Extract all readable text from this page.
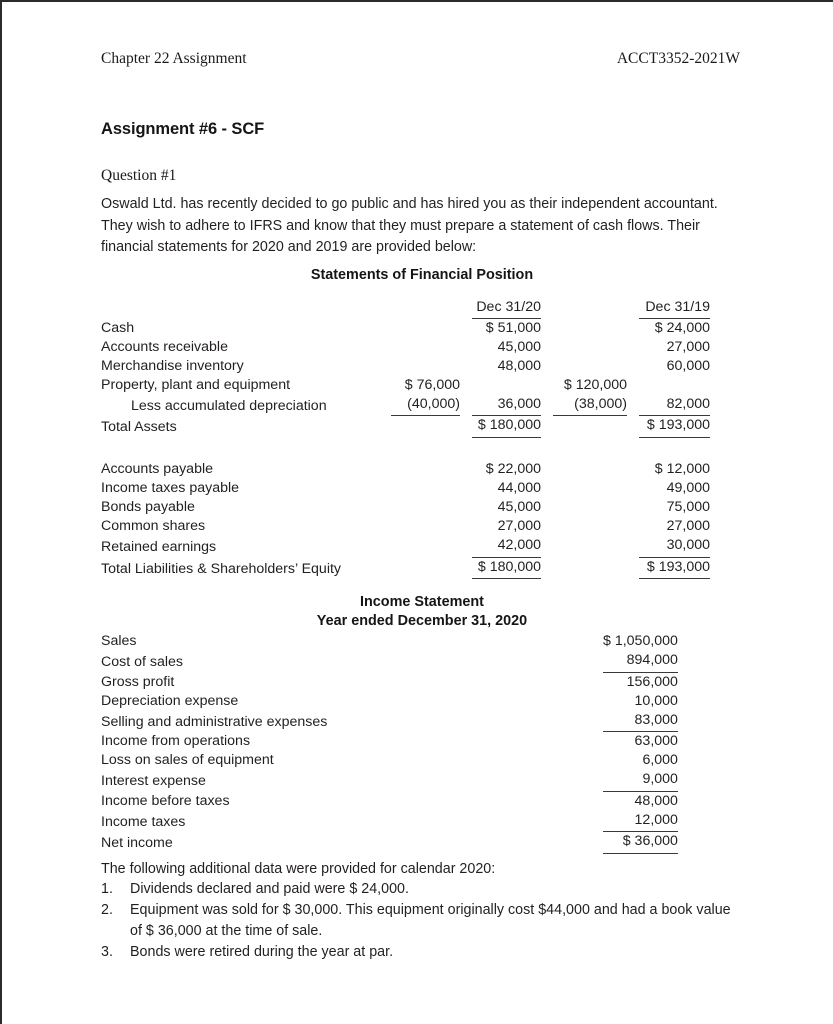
Chapter 22 Assignment	ACCT3352-2021W
Assignment #6 - SCF
Question #1
Oswald Ltd. has recently decided to go public and has hired you as their independent accountant. They wish to adhere to IFRS and know that they must prepare a statement of cash flows. Their financial statements for 2020 and 2019 are provided below:
Statements of Financial Position
			Dec 31/20				Dec 31/19
Cash			$ 51,000				$ 24,000
Accounts receivable			45,000				27,000
Merchandise inventory			48,000				60,000
Property, plant and equipment	$ 76,000				$ 120,000		
Less accumulated depreciation	(40,000)		36,000		(38,000)		82,000
Total Assets			$ 180,000				$ 193,000
Accounts payable			$ 22,000				$ 12,000
Income taxes payable			44,000				49,000
Bonds payable			45,000				75,000
Common shares			27,000				27,000
Retained earnings			42,000				30,000
Total Liabilities & Shareholders’ Equity			$ 180,000				$ 193,000
Income Statement
Year ended December 31, 2020
Sales	$ 1,050,000
Cost of sales	894,000
Gross profit	156,000
Depreciation expense	10,000
Selling and administrative expenses	83,000
Income from operations	63,000
Loss on sales of equipment	6,000
Interest expense	9,000
Income before taxes	48,000
Income taxes	12,000
Net income	$ 36,000
The following additional data were provided for calendar 2020:
1. Dividends declared and paid were $ 24,000.
2. Equipment was sold for $ 30,000. This equipment originally cost $44,000 and had a book value of $ 36,000 at the time of sale.
3. Bonds were retired during the year at par.
